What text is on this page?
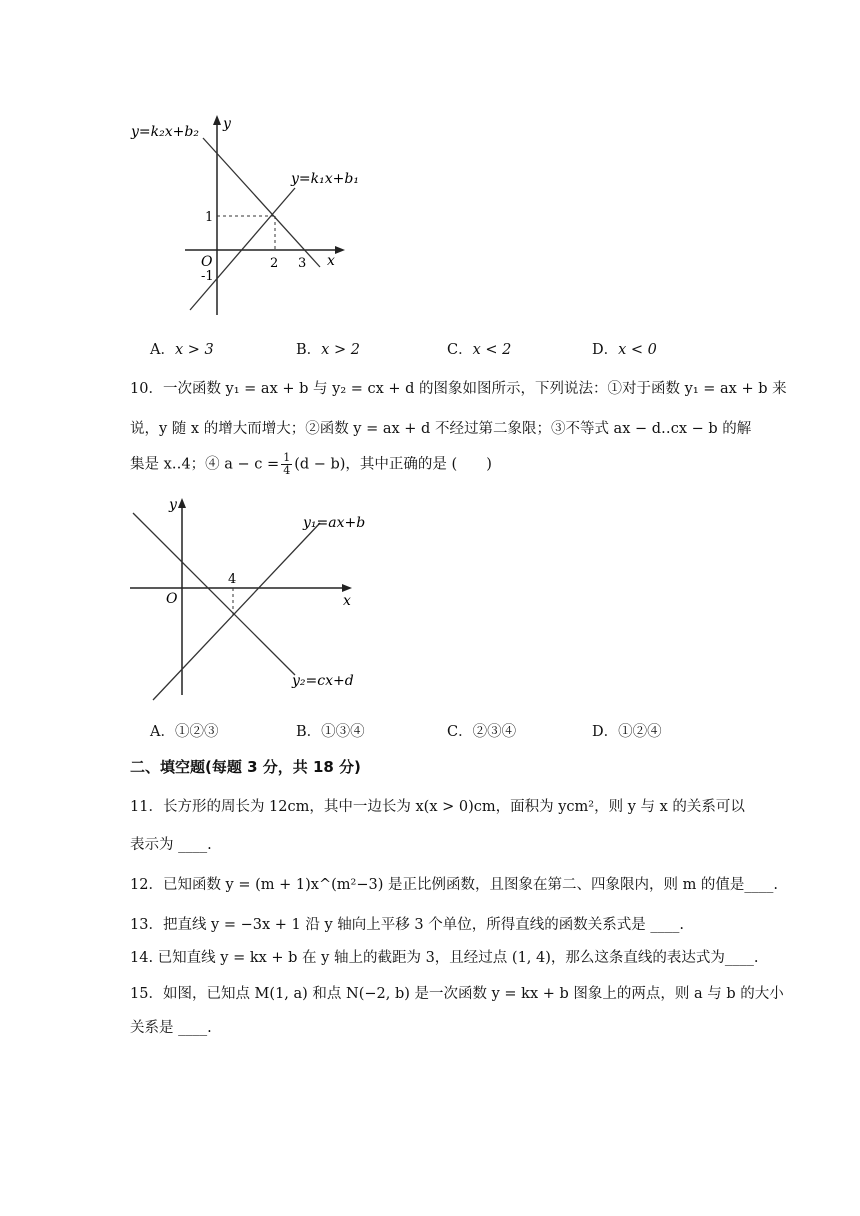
y=k₂x+b₂
y=k₁x+b₁
y
x
O
1
-1
2 3
A．x > 3	B．x > 2	C．x < 2	D．x < 0
10．一次函数 y₁ = ax + b 与 y₂ = cx + d 的图象如图所示，下列说法：①对于函数 y₁ = ax + b 来
说，y 随 x 的增大而增大；②函数 y = ax + d 不经过第二象限；③不等式 ax − d‥cx − b 的解
集是 x‥4；④ $a - c = \frac{1}{4} (d - b)$，其中正确的是 (　　)
y
x
O
4
y₁=ax+b
y₂=cx+d
A．①②③	B．①③④	C．②③④	D．①②④
二、填空题(每题 3 分，共 18 分)
11．长方形的周长为 12cm，其中一边长为 x(x > 0)cm，面积为 ycm²，则 y 与 x 的关系可以
表示为 ____.
12．已知函数 y = (m + 1)x^(m²−3) 是正比例函数，且图象在第二、四象限内，则 m 的值是____.
13．把直线 y = −3x + 1 沿 y 轴向上平移 3 个单位，所得直线的函数关系式是 ____.
14. 已知直线 y = kx + b 在 y 轴上的截距为 3，且经过点 (1, 4)，那么这条直线的表达式为____.
15．如图，已知点 M(1, a) 和点 N(−2, b) 是一次函数 y = kx + b 图象上的两点，则 a 与 b 的大小
关系是 ____.
